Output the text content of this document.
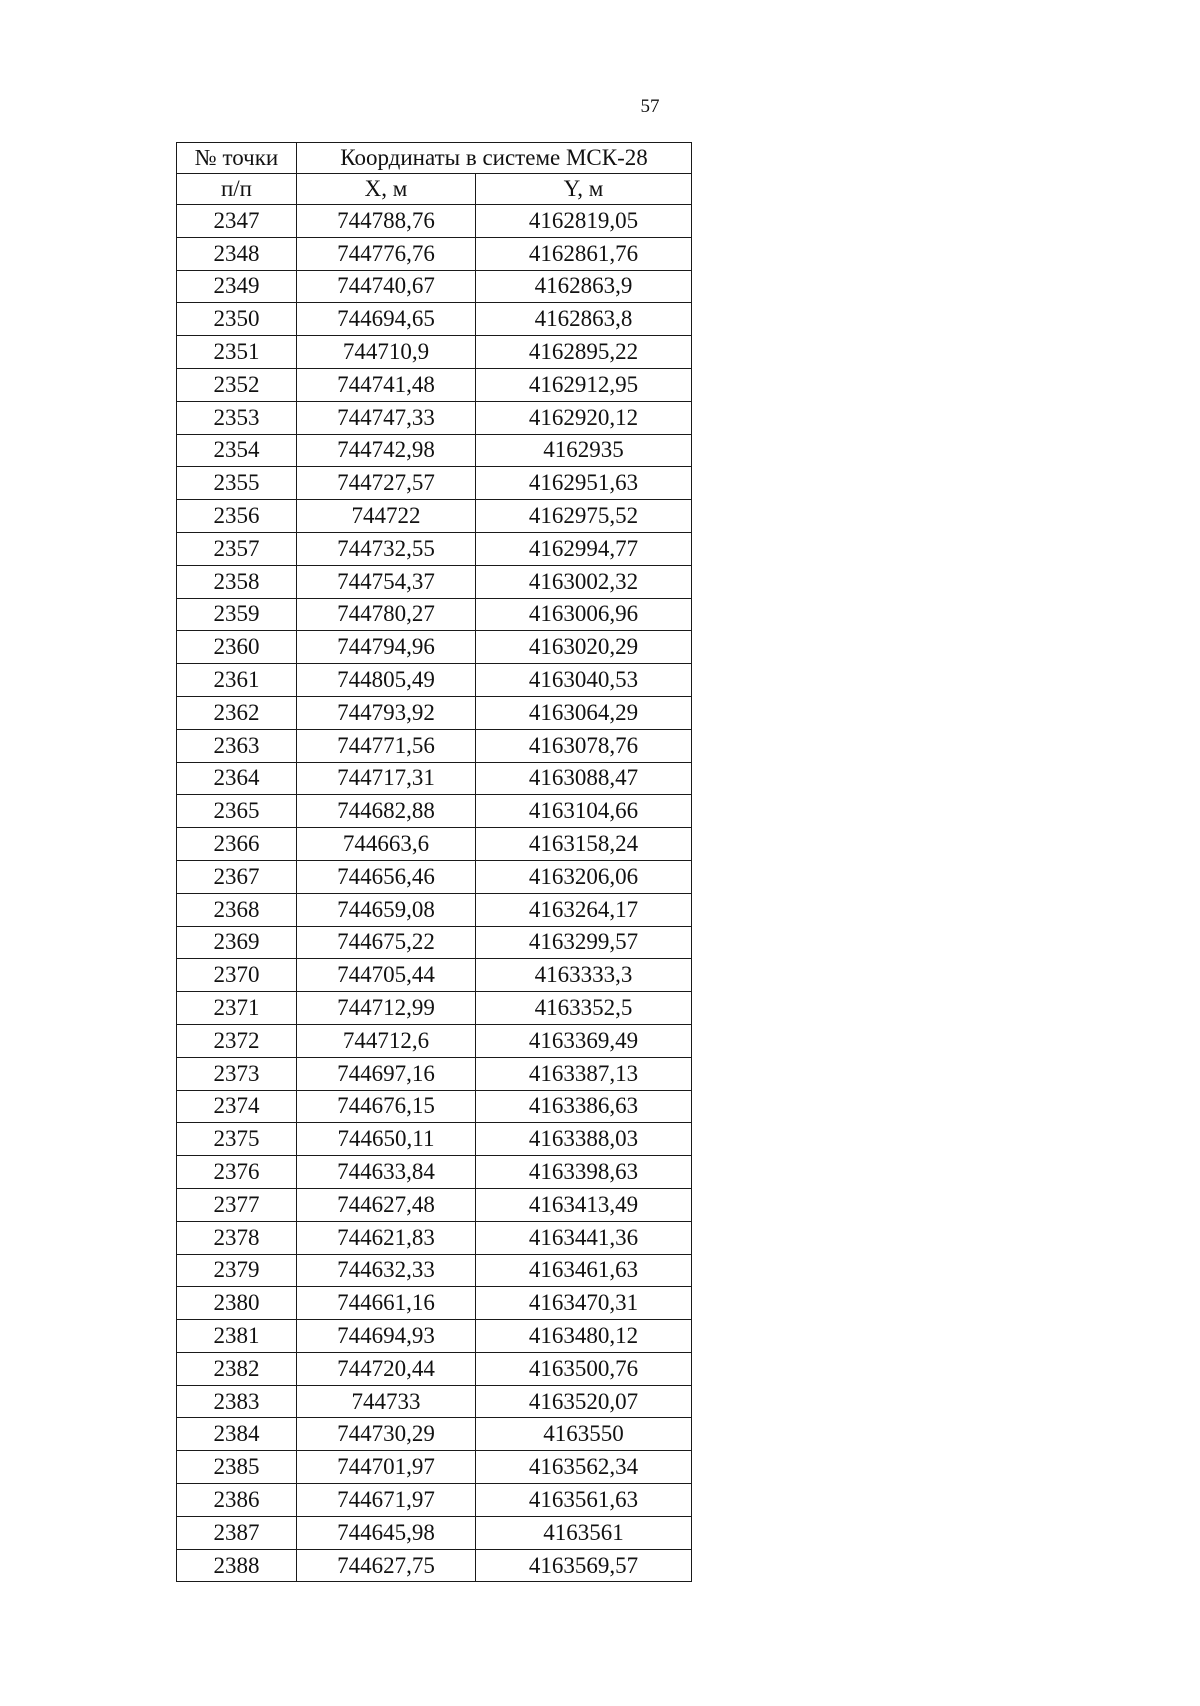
57
№ точки	Координаты в системе МСК-28	
п/п	X, м	Y, м
2347	744788,76	4162819,05
2348	744776,76	4162861,76
2349	744740,67	4162863,9
2350	744694,65	4162863,8
2351	744710,9	4162895,22
2352	744741,48	4162912,95
2353	744747,33	4162920,12
2354	744742,98	4162935
2355	744727,57	4162951,63
2356	744722	4162975,52
2357	744732,55	4162994,77
2358	744754,37	4163002,32
2359	744780,27	4163006,96
2360	744794,96	4163020,29
2361	744805,49	4163040,53
2362	744793,92	4163064,29
2363	744771,56	4163078,76
2364	744717,31	4163088,47
2365	744682,88	4163104,66
2366	744663,6	4163158,24
2367	744656,46	4163206,06
2368	744659,08	4163264,17
2369	744675,22	4163299,57
2370	744705,44	4163333,3
2371	744712,99	4163352,5
2372	744712,6	4163369,49
2373	744697,16	4163387,13
2374	744676,15	4163386,63
2375	744650,11	4163388,03
2376	744633,84	4163398,63
2377	744627,48	4163413,49
2378	744621,83	4163441,36
2379	744632,33	4163461,63
2380	744661,16	4163470,31
2381	744694,93	4163480,12
2382	744720,44	4163500,76
2383	744733	4163520,07
2384	744730,29	4163550
2385	744701,97	4163562,34
2386	744671,97	4163561,63
2387	744645,98	4163561
2388	744627,75	4163569,57
